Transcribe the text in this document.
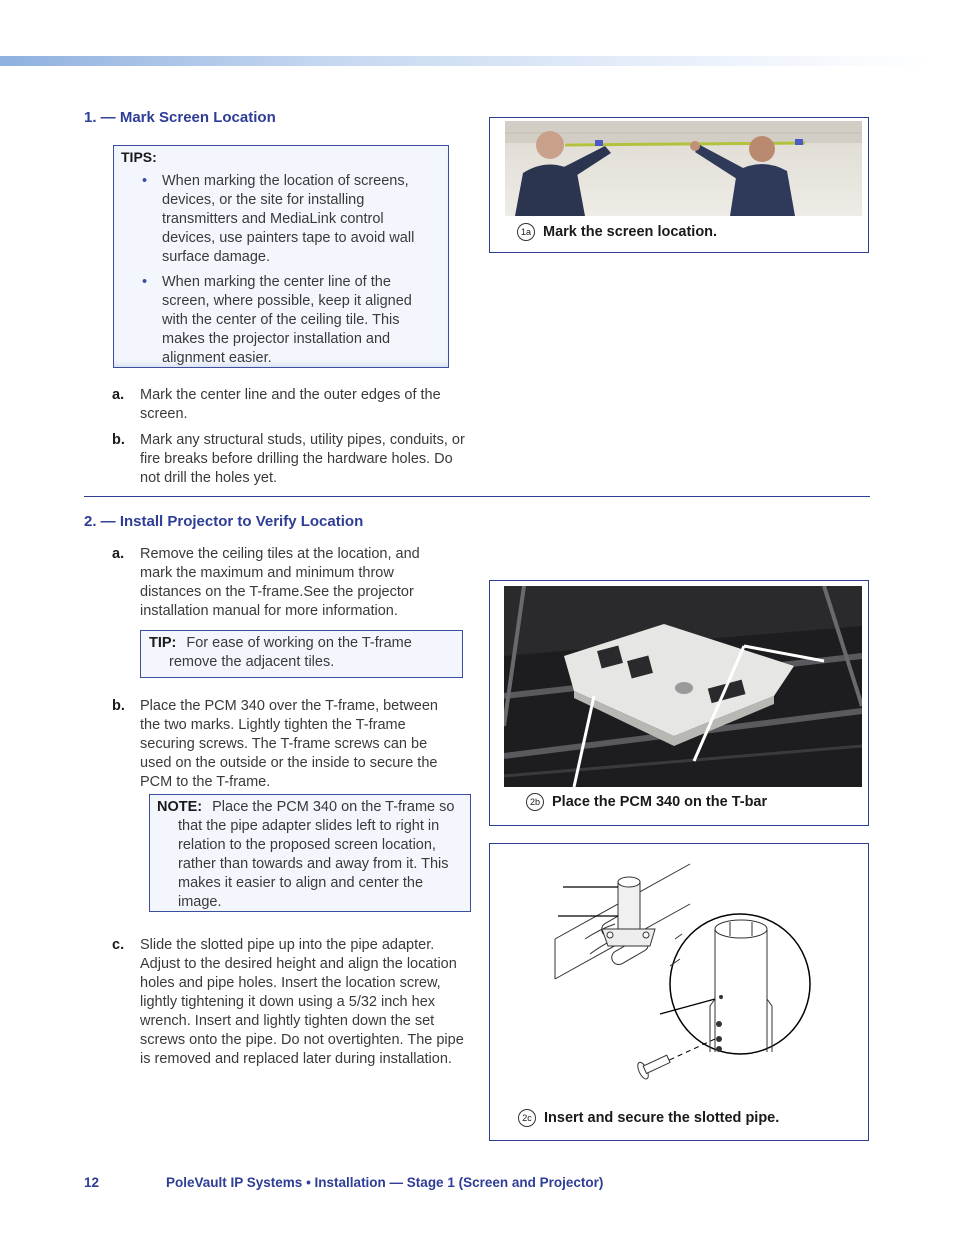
1. — Mark Screen Location
TIPS:
• When marking the location of screens, devices, or the site for installing transmitters and MediaLink control devices, use painters tape to avoid wall surface damage.
• When marking the center line of the screen, where possible, keep it aligned with the center of the ceiling tile. This makes the projector installation and alignment easier.
a. Mark the center line and the outer edges of the screen.
b. Mark any structural studs, utility pipes, conduits, or fire breaks before drilling the hardware holes. Do not drill the holes yet.
1a Mark the screen location.
2. — Install Projector to Verify Location
a. Remove the ceiling tiles at the location, and mark the maximum and minimum throw distances on the T-frame.See the projector installation manual for more information.
TIP: For ease of working on the T-frame remove the adjacent tiles.
b. Place the PCM 340 over the T-frame, between the two marks. Lightly tighten the T-frame securing screws. The T-frame screws can be used on the outside or the inside to secure the PCM to the T-frame.
NOTE: Place the PCM 340 on the T-frame so that the pipe adapter slides left to right in relation to the proposed screen location, rather than towards and away from it. This makes it easier to align and center the image.
c. Slide the slotted pipe up into the pipe adapter. Adjust to the desired height and align the location holes and pipe holes. Insert the location screw, lightly tightening it down using a 5/32 inch hex wrench. Insert and lightly tighten down the set screws onto the pipe. Do not overtighten. The pipe is removed and replaced later during installation.
2b Place the PCM 340 on the T-bar
2c Insert and secure the slotted pipe.
12	PoleVault IP Systems • Installation — Stage 1 (Screen and Projector)
